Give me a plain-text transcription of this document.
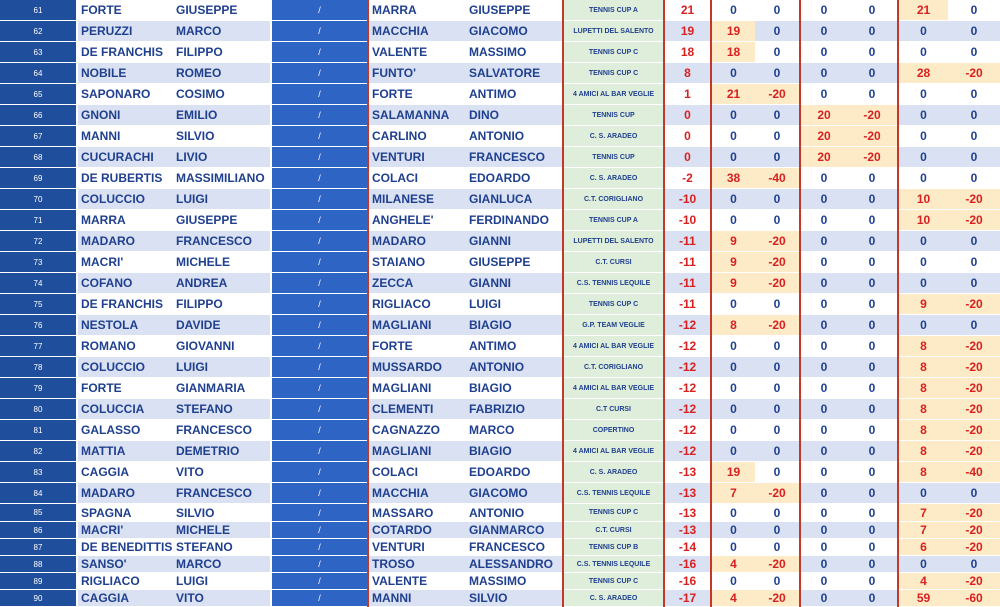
61	FORTE	GIUSEPPE	/	MARRA	GIUSEPPE	TENNIS CUP A	21	0	0	0	0	21	0
62	PERUZZI	MARCO	/	MACCHIA	GIACOMO	LUPETTI DEL SALENTO	19	19	0	0	0	0	0
63	DE FRANCHIS	FILIPPO	/	VALENTE	MASSIMO	TENNIS CUP C	18	18	0	0	0	0	0
64	NOBILE	ROMEO	/	FUNTO'	SALVATORE	TENNIS CUP C	8	0	0	0	0	28	-20
65	SAPONARO	COSIMO	/	FORTE	ANTIMO	4 AMICI AL BAR VEGLIE	1	21	-20	0	0	0	0
66	GNONI	EMILIO	/	SALAMANNA	DINO	TENNIS CUP	0	0	0	20	-20	0	0
67	MANNI	SILVIO	/	CARLINO	ANTONIO	C. S. ARADEO	0	0	0	20	-20	0	0
68	CUCURACHI	LIVIO	/	VENTURI	FRANCESCO	TENNIS CUP	0	0	0	20	-20	0	0
69	DE RUBERTIS	MASSIMILIANO	/	COLACI	EDOARDO	C. S. ARADEO	-2	38	-40	0	0	0	0
70	COLUCCIO	LUIGI	/	MILANESE	GIANLUCA	C.T. CORIGLIANO	-10	0	0	0	0	10	-20
71	MARRA	GIUSEPPE	/	ANGHELE'	FERDINANDO	TENNIS CUP A	-10	0	0	0	0	10	-20
72	MADARO	FRANCESCO	/	MADARO	GIANNI	LUPETTI DEL SALENTO	-11	9	-20	0	0	0	0
73	MACRI'	MICHELE	/	STAIANO	GIUSEPPE	C.T. CURSI	-11	9	-20	0	0	0	0
74	COFANO	ANDREA	/	ZECCA	GIANNI	C.S. TENNIS LEQUILE	-11	9	-20	0	0	0	0
75	DE FRANCHIS	FILIPPO	/	RIGLIACO	LUIGI	TENNIS CUP C	-11	0	0	0	0	9	-20
76	NESTOLA	DAVIDE	/	MAGLIANI	BIAGIO	G.P. TEAM VEGLIE	-12	8	-20	0	0	0	0
77	ROMANO	GIOVANNI	/	FORTE	ANTIMO	4 AMICI AL BAR VEGLIE	-12	0	0	0	0	8	-20
78	COLUCCIO	LUIGI	/	MUSSARDO	ANTONIO	C.T. CORIGLIANO	-12	0	0	0	0	8	-20
79	FORTE	GIANMARIA	/	MAGLIANI	BIAGIO	4 AMICI AL BAR VEGLIE	-12	0	0	0	0	8	-20
80	COLUCCIA	STEFANO	/	CLEMENTI	FABRIZIO	C.T CURSI	-12	0	0	0	0	8	-20
81	GALASSO	FRANCESCO	/	CAGNAZZO	MARCO	COPERTINO	-12	0	0	0	0	8	-20
82	MATTIA	DEMETRIO	/	MAGLIANI	BIAGIO	4 AMICI AL BAR VEGLIE	-12	0	0	0	0	8	-20
83	CAGGIA	VITO	/	COLACI	EDOARDO	C. S. ARADEO	-13	19	0	0	0	8	-40
84	MADARO	FRANCESCO	/	MACCHIA	GIACOMO	C.S. TENNIS LEQUILE	-13	7	-20	0	0	0	0
85	SPAGNA	SILVIO	/	MASSARO	ANTONIO	TENNIS CUP C	-13	0	0	0	0	7	-20
86	MACRI'	MICHELE	/	COTARDO	GIANMARCO	C.T. CURSI	-13	0	0	0	0	7	-20
87	DE BENEDITTIS	STEFANO	/	VENTURI	FRANCESCO	TENNIS CUP B	-14	0	0	0	0	6	-20
88	SANSO'	MARCO	/	TROSO	ALESSANDRO	C.S. TENNIS LEQUILE	-16	4	-20	0	0	0	0
89	RIGLIACO	LUIGI	/	VALENTE	MASSIMO	TENNIS CUP C	-16	0	0	0	0	4	-20
90	CAGGIA	VITO	/	MANNI	SILVIO	C. S. ARADEO	-17	4	-20	0	0	59	-60
